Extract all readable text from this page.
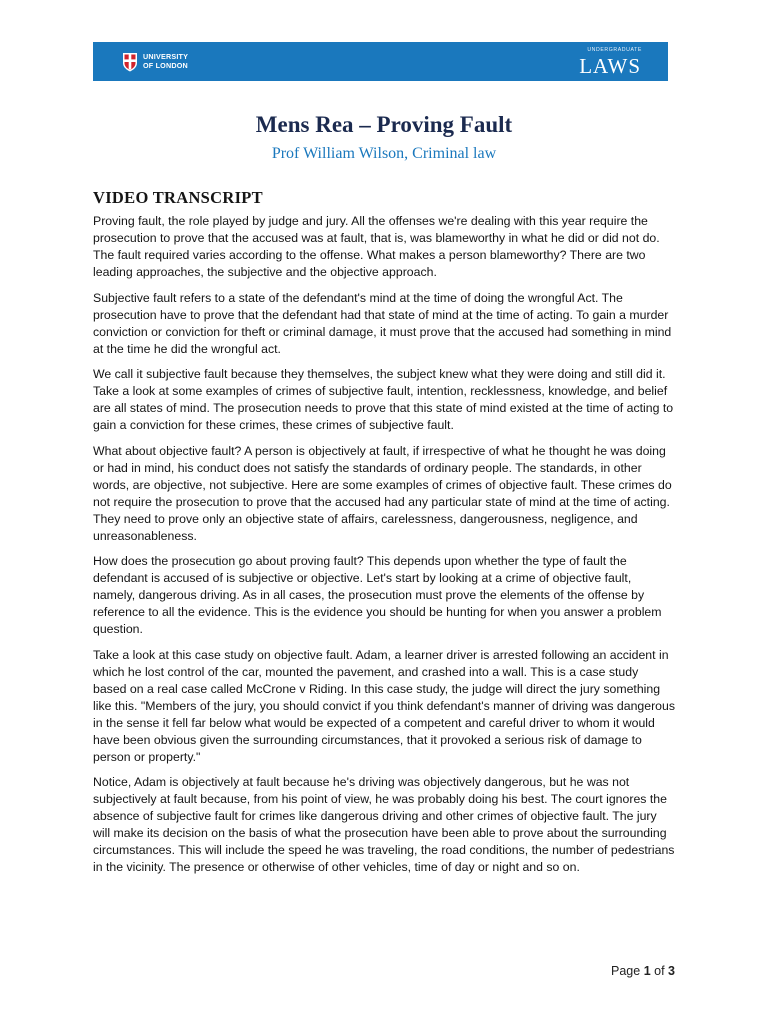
UNIVERSITY
OF LONDON
UNDERGRADUATE
LAWS
Mens Rea – Proving Fault
Prof William Wilson, Criminal law
VIDEO TRANSCRIPT

Proving fault, the role played by judge and jury. All the offenses we're dealing with this year require the prosecution to prove that the accused was at fault, that is, was blameworthy in what he did or did not do. The fault required varies according to the offense. What makes a person blameworthy? There are two leading approaches, the subjective and the objective approach.

Subjective fault refers to a state of the defendant's mind at the time of doing the wrongful Act. The prosecution have to prove that the defendant had that state of mind at the time of acting. To gain a murder conviction or conviction for theft or criminal damage, it must prove that the accused had something in mind at the time he did the wrongful act.

We call it subjective fault because they themselves, the subject knew what they were doing and still did it. Take a look at some examples of crimes of subjective fault, intention, recklessness, knowledge, and belief are all states of mind. The prosecution needs to prove that this state of mind existed at the time of acting to gain a conviction for these crimes, these crimes of subjective fault.

What about objective fault? A person is objectively at fault, if irrespective of what he thought he was doing or had in mind, his conduct does not satisfy the standards of ordinary people. The standards, in other words, are objective, not subjective. Here are some examples of crimes of objective fault. These crimes do not require the prosecution to prove that the accused had any particular state of mind at the time of acting. They need to prove only an objective state of affairs, carelessness, dangerousness, negligence, and unreasonableness.

How does the prosecution go about proving fault? This depends upon whether the type of fault the defendant is accused of is subjective or objective. Let's start by looking at a crime of objective fault, namely, dangerous driving. As in all cases, the prosecution must prove the elements of the offense by reference to all the evidence. This is the evidence you should be hunting for when you answer a problem question.

Take a look at this case study on objective fault. Adam, a learner driver is arrested following an accident in which he lost control of the car, mounted the pavement, and crashed into a wall. This is a case study based on a real case called McCrone v Riding. In this case study, the judge will direct the jury something like this. "Members of the jury, you should convict if you think defendant's manner of driving was dangerous in the sense it fell far below what would be expected of a competent and careful driver to whom it would have been obvious given the surrounding circumstances, that it provoked a serious risk of damage to person or property."

Notice, Adam is objectively at fault because he's driving was objectively dangerous, but he was not subjectively at fault because, from his point of view, he was probably doing his best. The court ignores the absence of subjective fault for crimes like dangerous driving and other crimes of objective fault. The jury will make its decision on the basis of what the prosecution have been able to prove about the surrounding circumstances. This will include the speed he was traveling, the road conditions, the number of pedestrians in the vicinity. The presence or otherwise of other vehicles, time of day or night and so on.

Page 1 of 3
